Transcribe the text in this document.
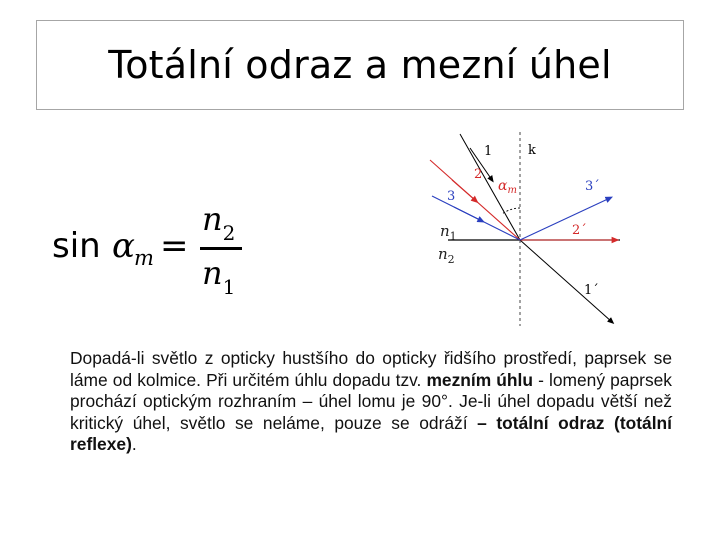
Totální odraz a mezní úhel
sin α m =
$n_2$
$n_1$
$n_1$
$n_2$
1	k
2
3
$\alpha_m$	3´
2´
1´
Dopadá-li světlo z opticky hustšího do opticky řidšího prostředí, paprsek se láme od kolmice. Při určitém úhlu dopadu tzv. mezním úhlu - lomený paprsek prochází optickým rozhraním – úhel lomu je 90°. Je-li úhel dopadu větší než kritický úhel, světlo se neláme, pouze se odráží – totální odraz (totální reflexe).
